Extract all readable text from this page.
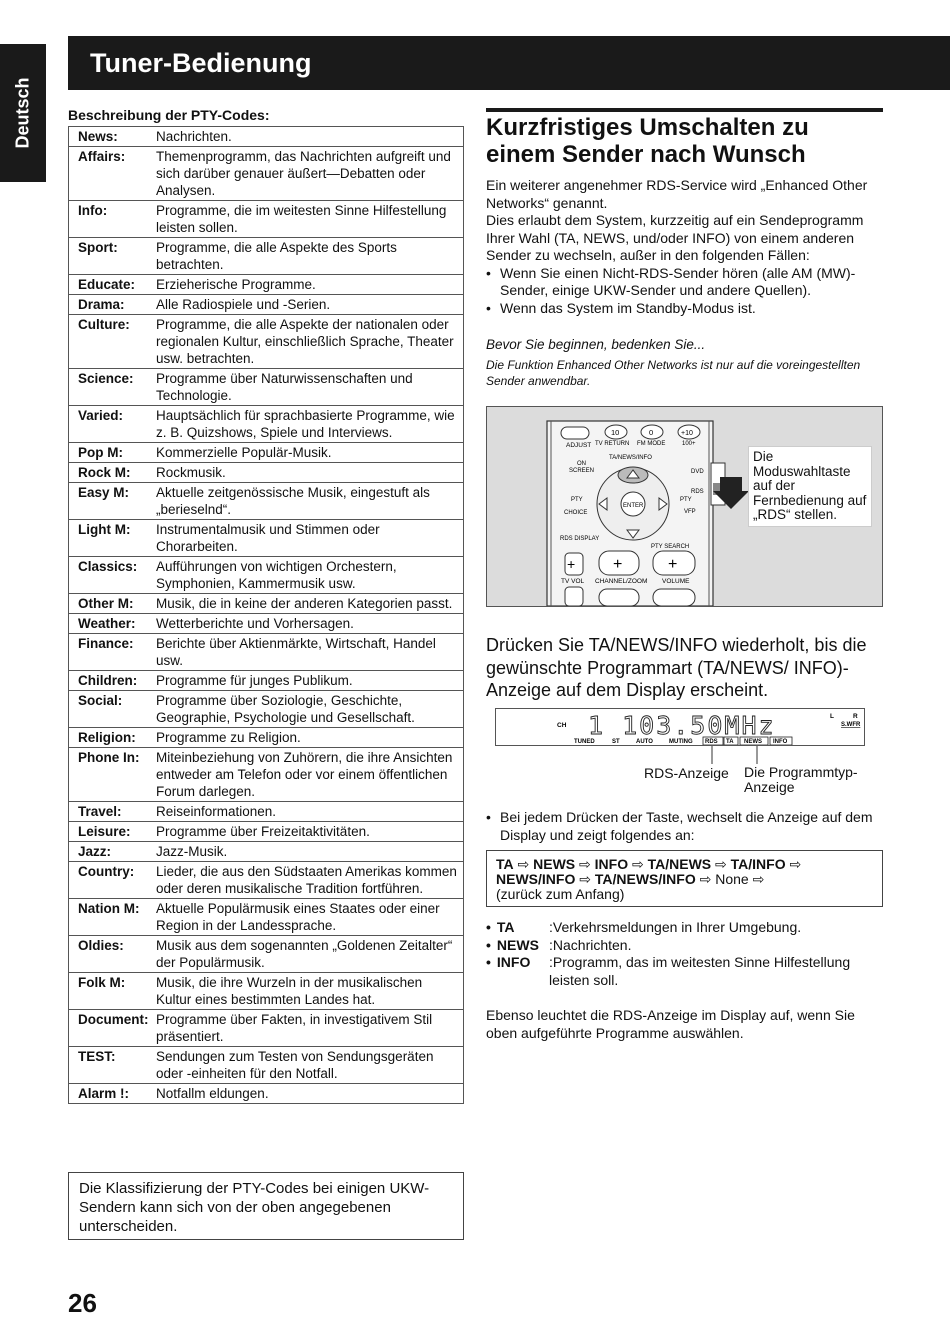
Deutsch
Tuner-Bedienung
Beschreibung der PTY-Codes:
News:	Nachrichten.
Affairs:	Themenprogramm, das Nachrichten aufgreift und sich darüber genauer äußert—Debatten oder Analysen.
Info:	Programme, die im weitesten Sinne Hilfestellung leisten sollen.
Sport:	Programme, die alle Aspekte des Sports betrachten.
Educate:	Erzieherische Programme.
Drama:	Alle Radiospiele und -Serien.
Culture:	Programme, die alle Aspekte der nationalen oder regionalen Kultur, einschließlich Sprache, Theater usw. betrachten.
Science:	Programme über Naturwissenschaften und Technologie.
Varied:	Hauptsächlich für sprachbasierte Programme, wie z. B. Quizshows, Spiele und Interviews.
Pop M:	Kommerzielle Populär-Musik.
Rock M:	Rockmusik.
Easy M:	Aktuelle zeitgenössische Musik, eingestuft als „berieselnd“.
Light M:	Instrumentalmusik und Stimmen oder Chorarbeiten.
Classics:	Aufführungen von wichtigen Orchestern, Symphonien, Kammermusik usw.
Other M:	Musik, die in keine der anderen Kategorien passt.
Weather:	Wetterberichte und Vorhersagen.
Finance:	Berichte über Aktienmärkte, Wirtschaft, Handel usw.
Children:	Programme für junges Publikum.
Social:	Programme über Soziologie, Geschichte, Geographie, Psychologie und Gesellschaft.
Religion:	Programme zu Religion.
Phone In:	Miteinbeziehung von Zuhörern, die ihre Ansichten entweder am Telefon oder vor einem öffentlichen Forum darlegen.
Travel:	Reiseinformationen.
Leisure:	Programme über Freizeitaktivitäten.
Jazz:	Jazz-Musik.
Country:	Lieder, die aus den Südstaaten Amerikas kommen oder deren musikalische Tradition fortführen.
Nation M:	Aktuelle Populärmusik eines Staates oder einer Region in der Landessprache.
Oldies:	Musik aus dem sogenannten „Goldenen Zeitalter“ der Populärmusik.
Folk M:	Musik, die ihre Wurzeln in der musikalischen Kultur eines bestimmten Landes hat.
Document:	Programme über Fakten, in investigativem Stil präsentiert.
TEST:	Sendungen zum Testen von Sendungsgeräten oder -einheiten für den Notfall.
Alarm !:	Notfallm eldungen.
Die Klassifizierung der PTY-Codes bei einigen UKW-Sendern kann sich von der oben angegebenen unterscheiden.
26
Kurzfristiges Umschalten zu einem Sender nach Wunsch

Ein weiterer angenehmer RDS-Service wird „Enhanced Other Networks“ genannt.

Dies erlaubt dem System, kurzzeitig auf ein Sendeprogramm Ihrer Wahl (TA, NEWS, und/oder INFO) von einem anderen Sender zu wechseln, außer in den folgenden Fällen:

• Wenn Sie einen Nicht-RDS-Sender hören (alle AM (MW)-Sender, einige UKW-Sender und andere Quellen).

• Wenn das System im Standby-Modus ist.

Bevor Sie beginnen, bedenken Sie...
Die Funktion Enhanced Other Networks ist nur auf die voreingestellten Sender anwendbar.
ADJUST
10	0	+10
TV RETURN FM MODE	100+
TA/NEWS/INFO
ON
SCREEN
ENTER
DVD
RDS
PTY	PTY
CHOICE	VFP
RDS DISPLAY
PTY SEARCH
+ +	+
TV VOL CHANNEL/ZOOM VOLUME
Die Moduswahltaste auf der Fernbedienung auf „RDS“ stellen.
Drücken Sie TA/NEWS/INFO wiederholt, bis die gewünschte Programmart (TA/NEWS/ INFO)-Anzeige auf dem Display erscheint.
CH 1 103.50MHz	L	R
S.WFR
TUNED	ST	AUTO	MUTING RDS TA NEWS INFO
RDS-Anzeige Die Programmtyp-Anzeige
• Bei jedem Drücken der Taste, wechselt die Anzeige auf dem Display und zeigt folgendes an:
TA ⇨ NEWS ⇨ INFO ⇨ TA/NEWS ⇨ TA/INFO ⇨
NEWS/INFO ⇨ TA/NEWS/INFO ⇨ None ⇨
(zurück zum Anfang)
• TA :Verkehrsmeldungen in Ihrer Umgebung.
• NEWS :Nachrichten.
• INFO :Programm, das im weitesten Sinne Hilfestellung leisten soll.
Ebenso leuchtet die RDS-Anzeige im Display auf, wenn Sie oben aufgeführte Programme auswählen.
